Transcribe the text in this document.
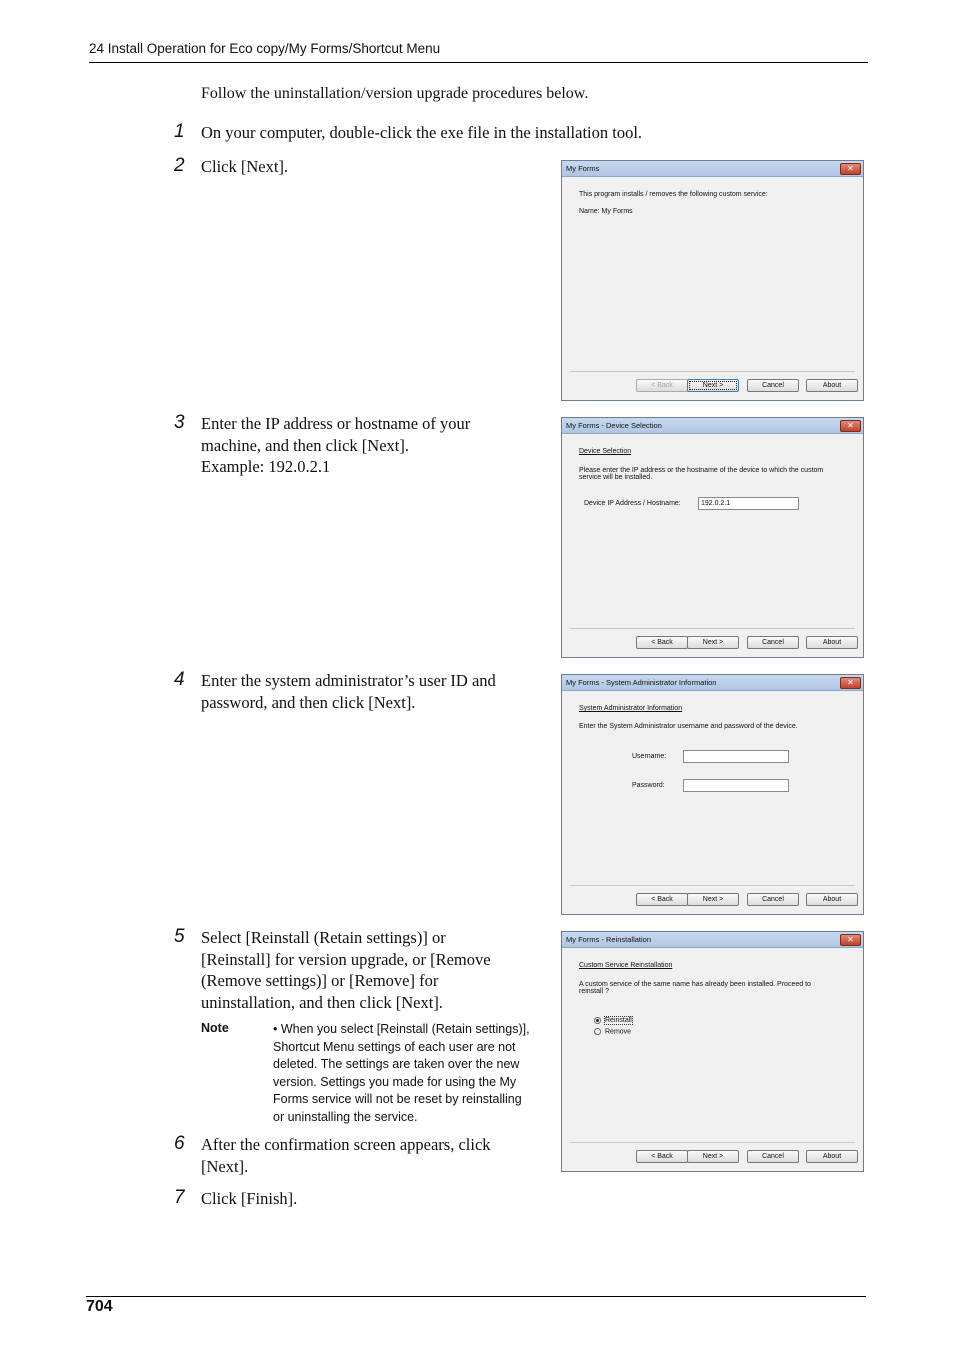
24 Install Operation for Eco copy/My Forms/Shortcut Menu
Follow the uninstallation/version upgrade procedures below.
1 On your computer, double-click the exe file in the installation tool.
2 Click [Next].
3 Enter the IP address or hostname of your
machine, and then click [Next].
Example: 192.0.2.1
4 Enter the system administrator’s user ID and
password, and then click [Next].
5 Select [Reinstall (Retain settings)] or
[Reinstall] for version upgrade, or [Remove
(Remove settings)] or [Remove] for
uninstallation, and then click [Next].
Note	• When you select [Reinstall (Retain settings)],
Shortcut Menu settings of each user are not
deleted. The settings are taken over the new
version. Settings you made for using the My
Forms service will not be reset by reinstalling
or uninstalling the service.
6 After the confirmation screen appears, click
[Next].
7 Click [Finish].
My Forms	✕
This program installs / removes the following custom service:
Name: My Forms
< Back	Next >	Cancel	About
My Forms - Device Selection	✕
Device Selection
Please enter the IP address or the hostname of the device to which the custom service will be installed.
Device IP Address / Hostname:	192.0.2.1
< Back	Next >	Cancel	About
My Forms - System Administrator Information	✕
System Administrator Information
Enter the System Administrator username and password of the device.
Username:
Password:
< Back	Next >	Cancel	About
My Forms - Reinstallation	✕
Custom Service Reinstallation
A custom service of the same name has already been installed. Proceed to reinstall ?
Reinstall
Remove
< Back	Next >	Cancel	About
704
